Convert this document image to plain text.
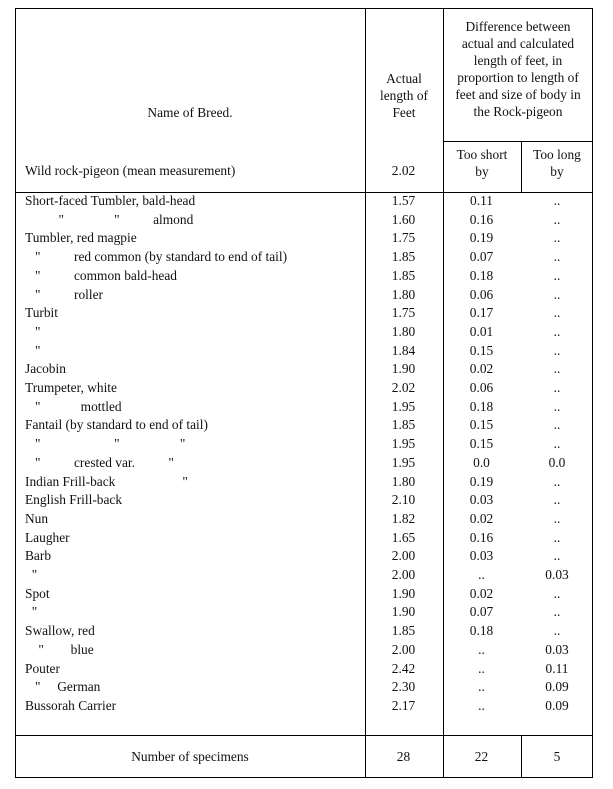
Name of Breed.
Actual
length of
Feet
Difference between
actual and calculated
length of feet, in
proportion to length of
feet and size of body in
the Rock-pigeon
Too short
by
Too long
by
Wild rock-pigeon (mean measurement)	2.02
Short-faced Tumbler, bald-head	1.57	0.11	..
"               "          almond	1.60	0.16	..
Tumbler, red magpie	1.75	0.19	..
"          red common (by standard to end of tail)	1.85	0.07	..
"          common bald-head	1.85	0.18	..
"          roller	1.80	0.06	..
Turbit	1.75	0.17	..
"	1.80	0.01	..
"	1.84	0.15	..
Jacobin	1.90	0.02	..
Trumpeter, white	2.02	0.06	..
"            mottled	1.95	0.18	..
Fantail (by standard to end of tail)	1.85	0.15	..
"                      "                  "	1.95	0.15	..
"          crested var.          "	1.95	0.0	0.0
Indian Frill-back                    "	1.80	0.19	..
English Frill-back	2.10	0.03	..
Nun	1.82	0.02	..
Laugher	1.65	0.16	..
Barb	2.00	0.03	..
"	2.00	..	0.03
Spot	1.90	0.02	..
"	1.90	0.07	..
Swallow, red	1.85	0.18	..
"        blue	2.00	..	0.03
Pouter	2.42	..	0.11
"     German	2.30	..	0.09
Bussorah Carrier	2.17	..	0.09
Number of specimens	28	22	5
